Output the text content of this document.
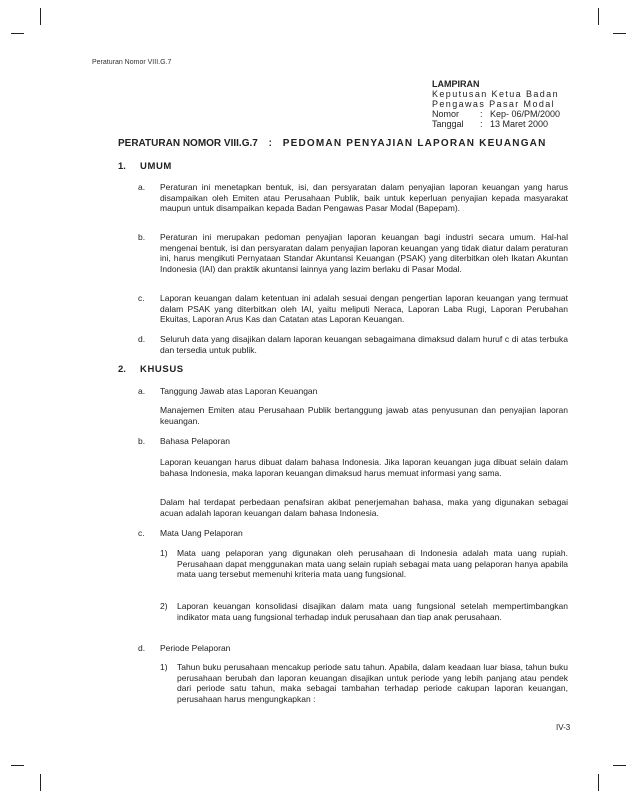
Peraturan Nomor VIII.G.7
LAMPIRAN
Keputusan Ketua Badan
Pengawas Pasar Modal
Nomor	: Kep- 06/PM/2000
Tanggal	: 13 Maret 2000
PERATURAN NOMOR VIII.G.7 : PEDOMAN PENYAJIAN LAPORAN KEUANGAN
1. UMUM
a. Peraturan ini menetapkan bentuk, isi, dan persyaratan dalam penyajian laporan keuangan yang harus disampaikan oleh Emiten atau Perusahaan Publik, baik untuk keperluan penyajian kepada masyarakat maupun untuk disampaikan kepada Badan Pengawas Pasar Modal (Bapepam).
b. Peraturan ini merupakan pedoman penyajian laporan keuangan bagi industri secara umum. Hal-hal mengenai bentuk, isi dan persyaratan dalam penyajian laporan keuangan yang tidak diatur dalam peraturan ini, harus mengikuti Pernyataan Standar Akuntansi Keuangan (PSAK) yang diterbitkan oleh Ikatan Akuntan Indonesia (IAI) dan praktik akuntansi lainnya yang lazim berlaku di Pasar Modal.
c. Laporan keuangan dalam ketentuan ini adalah sesuai dengan pengertian laporan keuangan yang termuat dalam PSAK yang diterbitkan oleh IAI, yaitu meliputi Neraca, Laporan Laba Rugi, Laporan Perubahan Ekuitas, Laporan Arus Kas dan Catatan atas Laporan Keuangan.
d. Seluruh data yang disajikan dalam laporan keuangan sebagaimana dimaksud dalam huruf c di atas terbuka dan tersedia untuk publik.
2. KHUSUS
a. Tanggung Jawab atas Laporan Keuangan
Manajemen Emiten atau Perusahaan Publik bertanggung jawab atas penyusunan dan penyajian laporan keuangan.
b. Bahasa Pelaporan
Laporan keuangan harus dibuat dalam bahasa Indonesia. Jika laporan keuangan juga dibuat selain dalam bahasa Indonesia, maka laporan keuangan dimaksud harus memuat informasi yang sama.
Dalam hal terdapat perbedaan penafsiran akibat penerjemahan bahasa, maka yang digunakan sebagai acuan adalah laporan keuangan dalam bahasa Indonesia.
c. Mata Uang Pelaporan
1) Mata uang pelaporan yang digunakan oleh perusahaan di Indonesia adalah mata uang rupiah. Perusahaan dapat menggunakan mata uang selain rupiah sebagai mata uang pelaporan hanya apabila mata uang tersebut memenuhi kriteria mata uang fungsional.
2) Laporan keuangan konsolidasi disajikan dalam mata uang fungsional setelah mempertimbangkan indikator mata uang fungsional terhadap induk perusahaan dan tiap anak perusahaan.
d. Periode Pelaporan
1) Tahun buku perusahaan mencakup periode satu tahun. Apabila, dalam keadaan luar biasa, tahun buku perusahaan berubah dan laporan keuangan disajikan untuk periode yang lebih panjang atau pendek dari periode satu tahun, maka sebagai tambahan terhadap periode cakupan laporan keuangan, perusahaan harus mengungkapkan :
IV-3
